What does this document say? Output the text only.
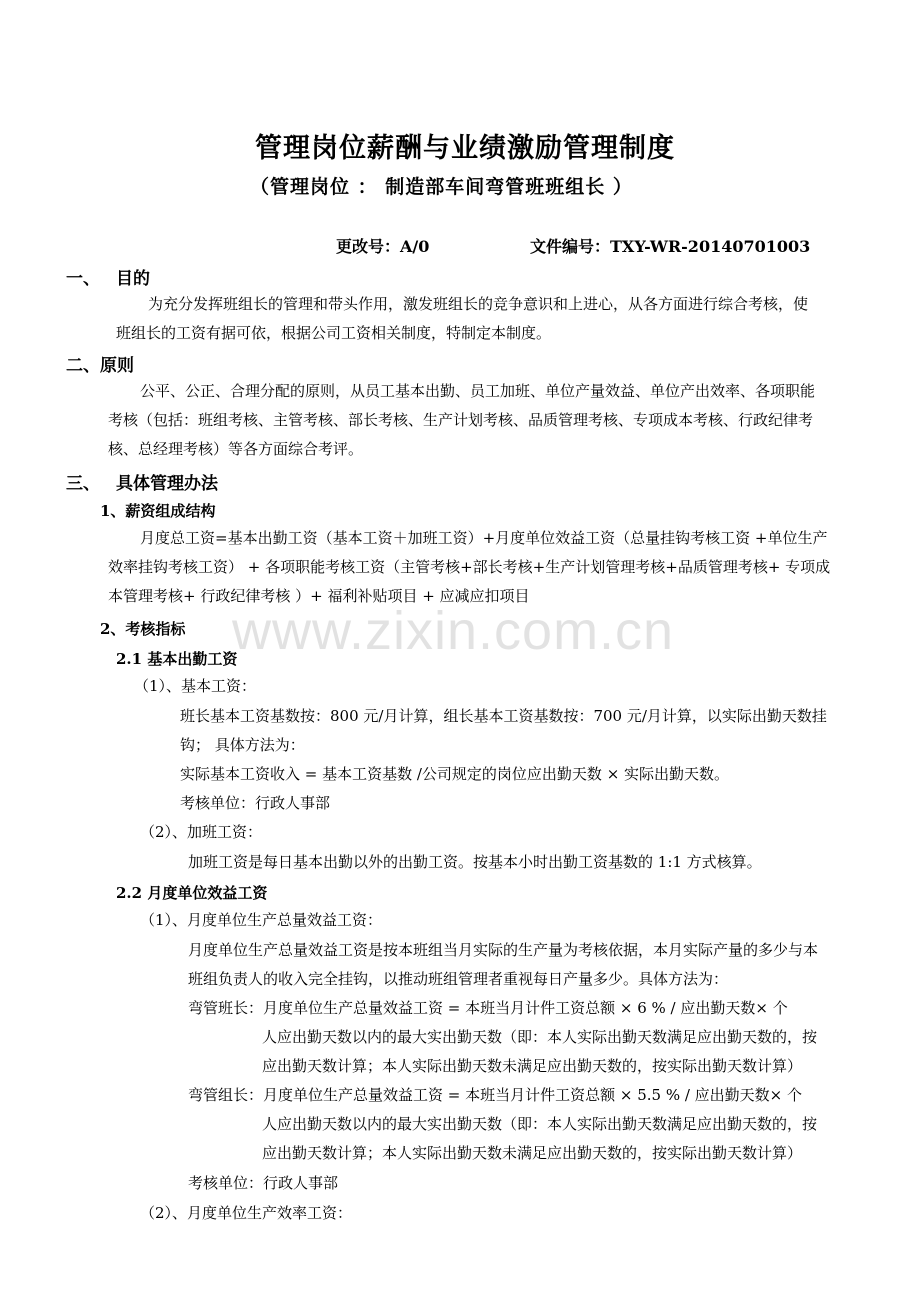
www.zixin.com.cn
管理岗位薪酬与业绩激励管理制度
（管理岗位 ： 制造部车间弯管班班组长 ）
更改号：A/0	文件编号：TXY-WR-20140701003
一、 目的
为充分发挥班组长的管理和带头作用，激发班组长的竞争意识和上进心，从各方面进行综合考核，使
班组长的工资有据可依，根据公司工资相关制度，特制定本制度。
二、原则
公平、公正、合理分配的原则，从员工基本出勤、员工加班、单位产量效益、单位产出效率、各项职能
考核（包括：班组考核、主管考核、部长考核、生产计划考核、品质管理考核、专项成本考核、行政纪律考
核、总经理考核）等各方面综合考评。
三、 具体管理办法
1、薪资组成结构
月度总工资=基本出勤工资（基本工资＋加班工资）+月度单位效益工资（总量挂钩考核工资 +单位生产
效率挂钩考核工资） + 各项职能考核工资（主管考核+部长考核+生产计划管理考核+品质管理考核+ 专项成
本管理考核+ 行政纪律考核 ）+ 福利补贴项目 + 应减应扣项目
2、考核指标
2.1 基本出勤工资
（1）、基本工资：
班长基本工资基数按：800 元/月计算，组长基本工资基数按：700 元/月计算，以实际出勤天数挂
钩； 具体方法为：
实际基本工资收入 = 基本工资基数 /公司规定的岗位应出勤天数 × 实际出勤天数。
考核单位：行政人事部
（2）、加班工资：
加班工资是每日基本出勤以外的出勤工资。按基本小时出勤工资基数的 1:1 方式核算。
2.2 月度单位效益工资
（1）、月度单位生产总量效益工资：
月度单位生产总量效益工资是按本班组当月实际的生产量为考核依据，本月实际产量的多少与本
班组负责人的收入完全挂钩，以推动班组管理者重视每日产量多少。具体方法为：
弯管班长：月度单位生产总量效益工资 = 本班当月计件工资总额 × 6 % / 应出勤天数× 个
人应出勤天数以内的最大实出勤天数（即：本人实际出勤天数满足应出勤天数的，按
应出勤天数计算；本人实际出勤天数未满足应出勤天数的，按实际出勤天数计算）
弯管组长：月度单位生产总量效益工资 = 本班当月计件工资总额 × 5.5 % / 应出勤天数× 个
人应出勤天数以内的最大实出勤天数（即：本人实际出勤天数满足应出勤天数的，按
应出勤天数计算；本人实际出勤天数未满足应出勤天数的，按实际出勤天数计算）
考核单位：行政人事部
（2）、月度单位生产效率工资：
